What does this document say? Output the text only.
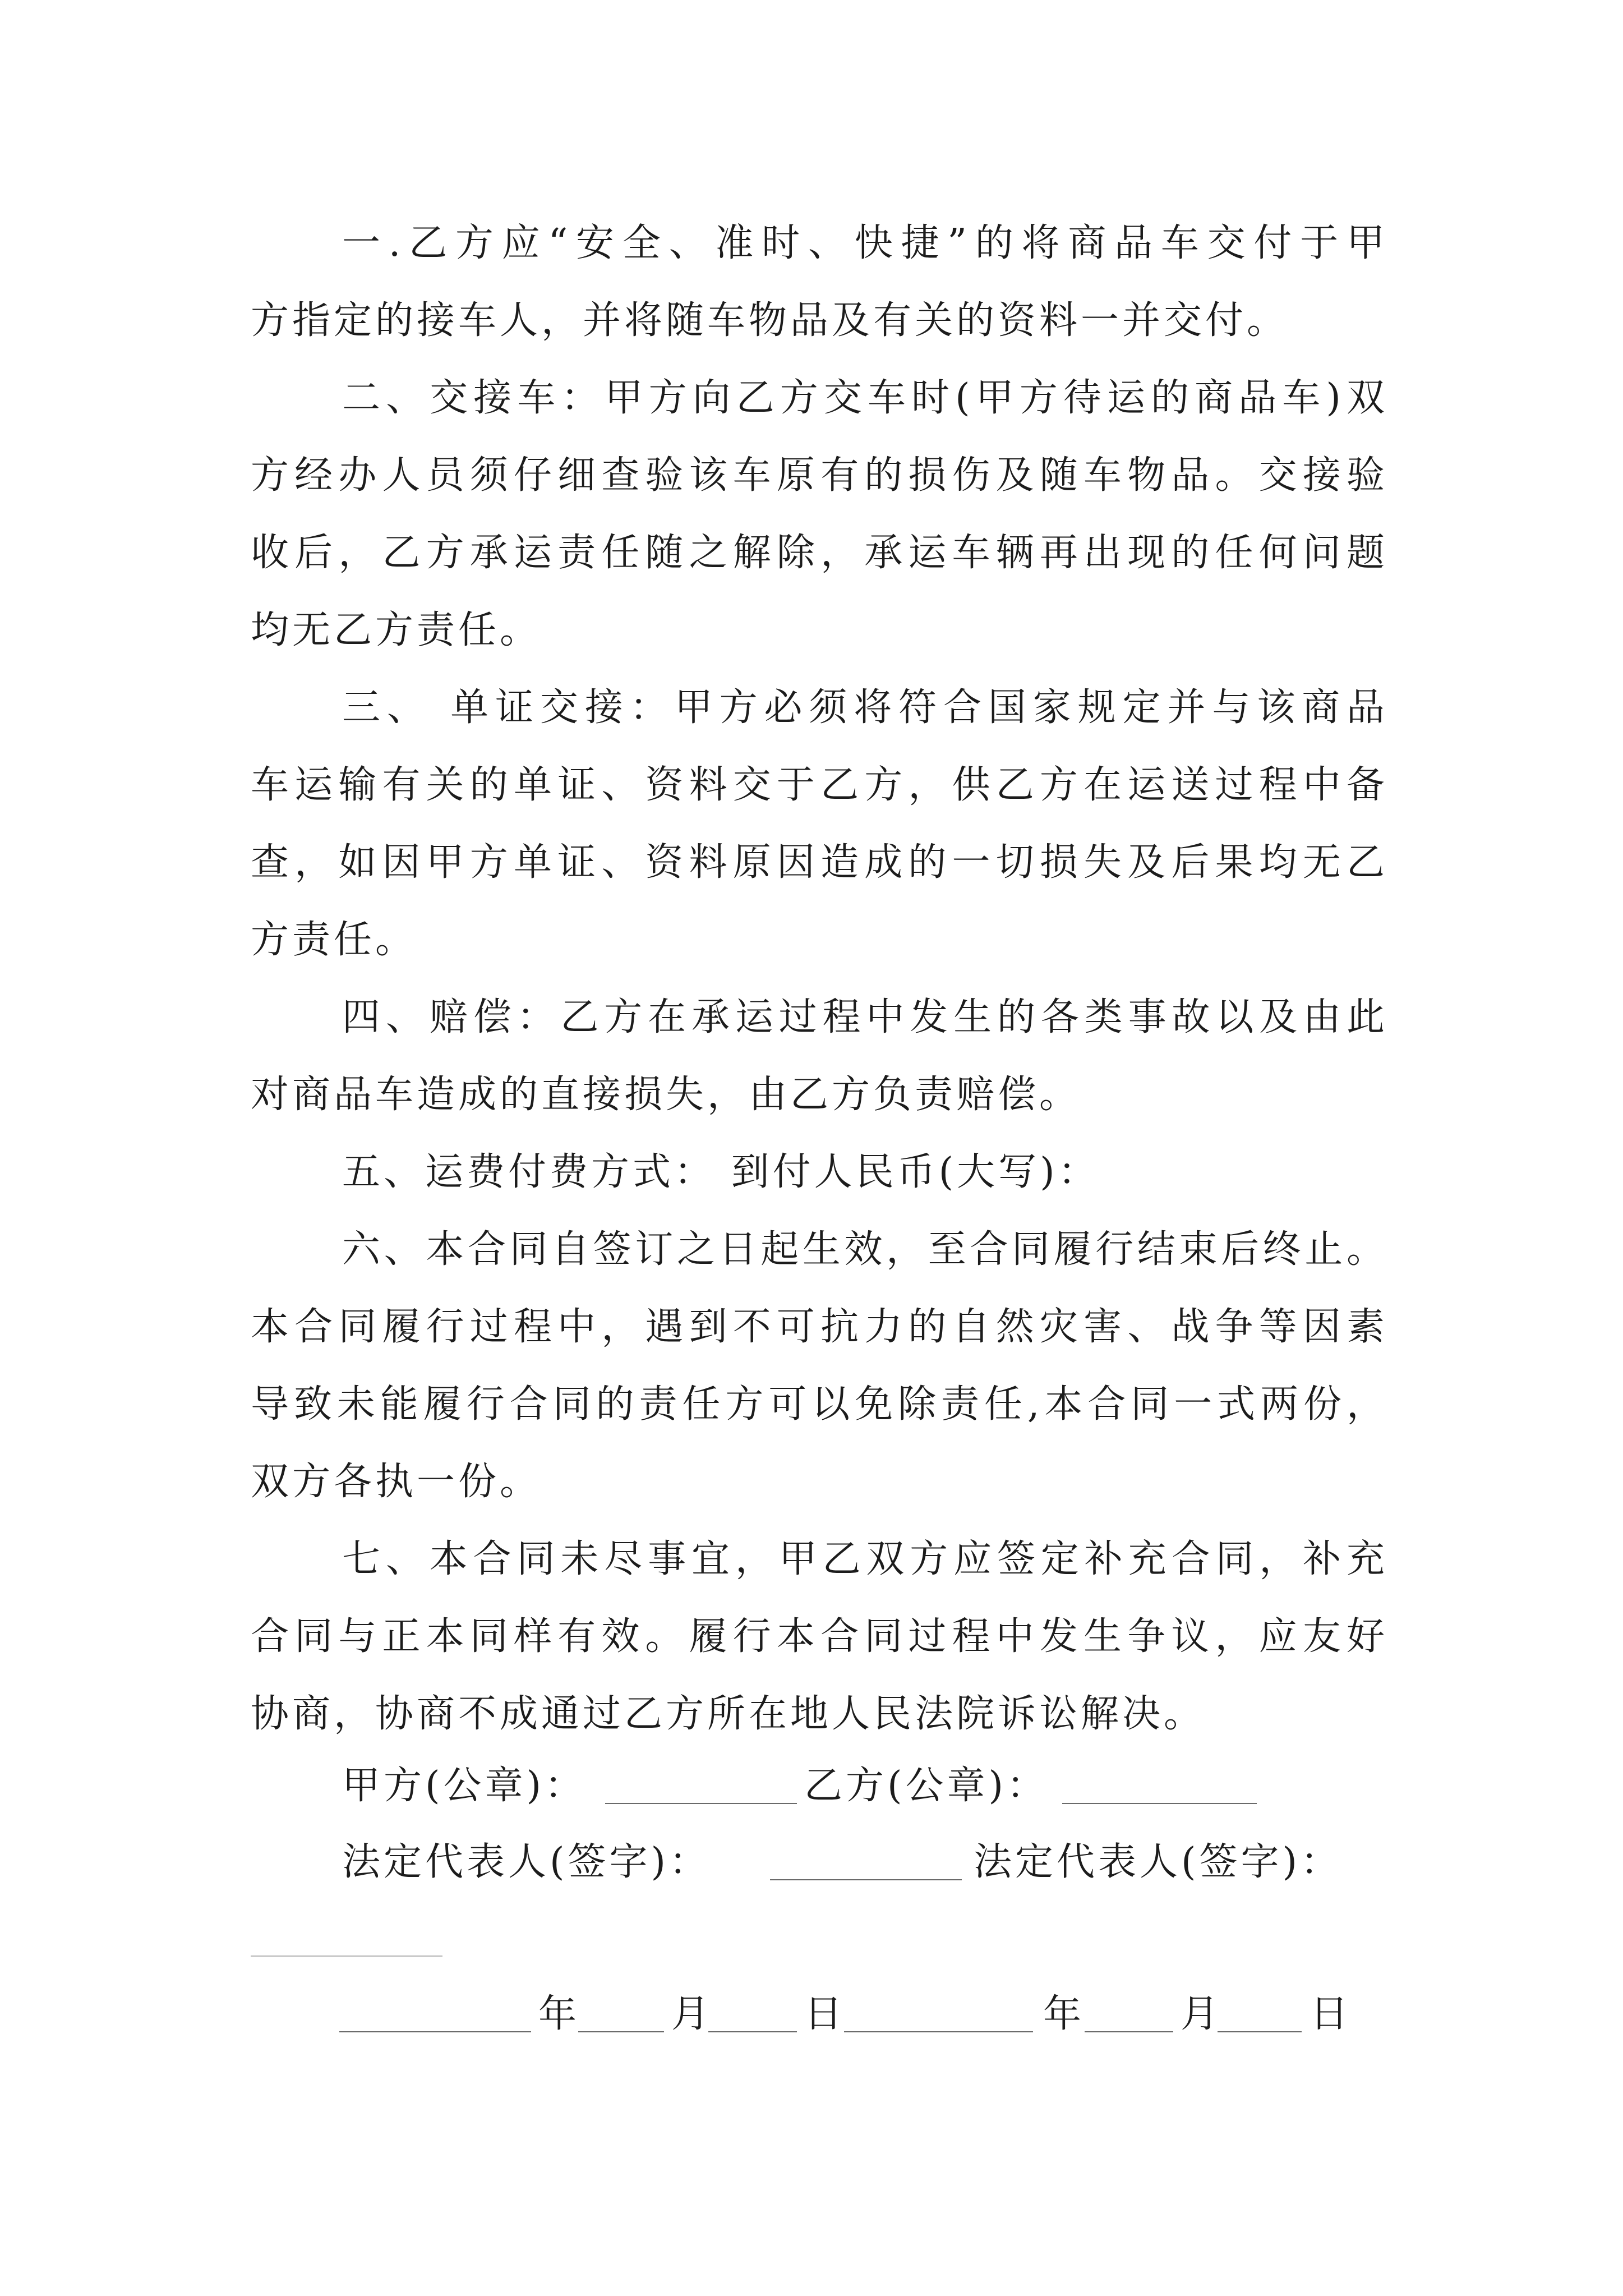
一.乙方应“安全、准时、快捷”的将商品车交付于甲
方指定的接车人，并将随车物品及有关的资料一并交付。
二、交接车：甲方向乙方交车时(甲方待运的商品车)双
方经办人员须仔细查验该车原有的损伤及随车物品。交接验
收后，乙方承运责任随之解除，承运车辆再出现的任何问题
均无乙方责任。
三、 单证交接：甲方必须将符合国家规定并与该商品
车运输有关的单证、资料交于乙方，供乙方在运送过程中备
查，如因甲方单证、资料原因造成的一切损失及后果均无乙
方责任。
四、赔偿：乙方在承运过程中发生的各类事故以及由此
对商品车造成的直接损失，由乙方负责赔偿。
五、运费付费方式： 到付人民币(大写)：
六、本合同自签订之日起生效，至合同履行结束后终止。
本合同履行过程中，遇到不可抗力的自然灾害、战争等因素
导致未能履行合同的责任方可以免除责任,本合同一式两份，
双方各执一份。
七、本合同未尽事宜，甲乙双方应签定补充合同，补充
合同与正本同样有效。履行本合同过程中发生争议，应友好
协商，协商不成通过乙方所在地人民法院诉讼解决。
甲方(公章)：	乙方(公章)：
法定代表人(签字)：	法定代表人(签字)：
年 月 日	年	月 日
